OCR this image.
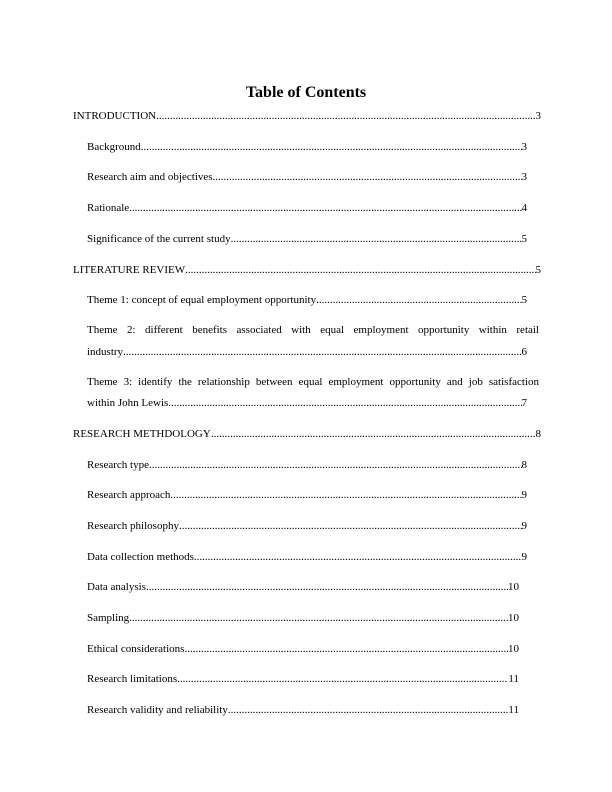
Table of Contents
INTRODUCTION .....	3
Background .....	3
Research aim and objectives .....	3
Rationale .....	4
Significance of the current study .....	5
LITERATURE REVIEW .....	5
Theme 1: concept of equal employment opportunity .....	5
Theme 2: different benefits associated with equal employment opportunity within retail
industry .....	6
Theme 3: identify the relationship between equal employment opportunity and job satisfaction
within John Lewis .....	7
RESEARCH METHDOLOGY .....	8
Research type .....	8
Research approach .....	9
Research philosophy .....	9
Data collection methods .....	9
Data analysis .....	10
Sampling .....	10
Ethical considerations .....	10
Research limitations .....	11
Research validity and reliability .....	11
